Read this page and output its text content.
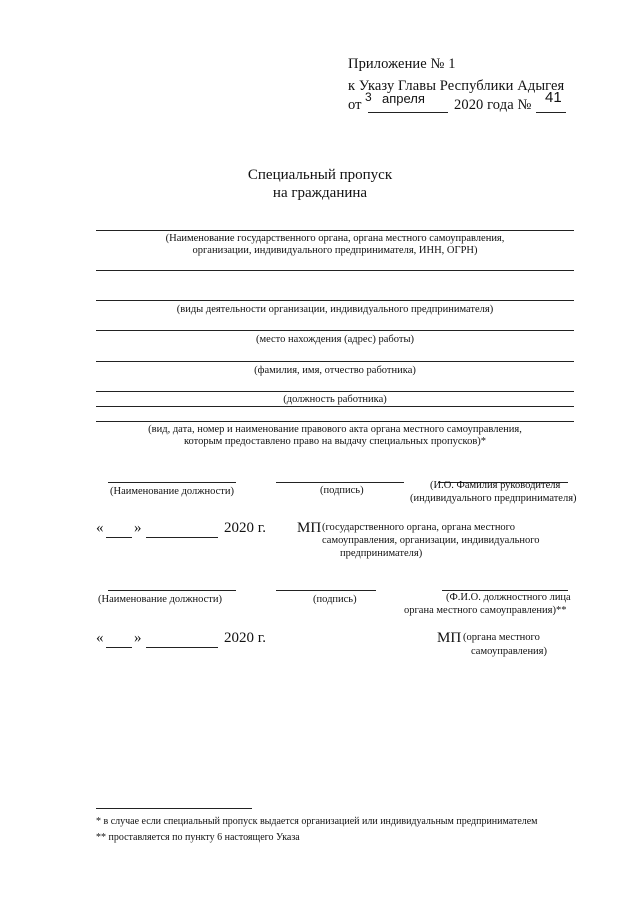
Приложение № 1
к Указу Главы Республики Адыгея
от 3 апреля 2020 года № 41
Специальный пропуск
на гражданина
(Наименование государственного органа, органа местного самоуправления,
организации, индивидуального предпринимателя, ИНН, ОГРН)
(виды деятельности организации, индивидуального предпринимателя)
(место нахождения (адрес) работы)
(фамилия, имя, отчество работника)
(должность работника)
(вид, дата, номер и наименование правового акта органа местного самоуправления,
которым предоставлено право на выдачу специальных пропусков)*
(Наименование должности)	(подпись)	(И.О. Фамилия руководителя
(индивидуального предпринимателя)
« »	2020 г. МП (государственного органа, органа местного
самоуправления, организации, индивидуального
предпринимателя)
(Наименование должности)	(подпись)	(Ф.И.О. должностного лица
органа местного самоуправления)**
« »	2020 г.	МП (органа местного
самоуправления)
* в случае если специальный пропуск выдается организацией или индивидуальным предпринимателем
** проставляется по пункту 6 настоящего Указа
